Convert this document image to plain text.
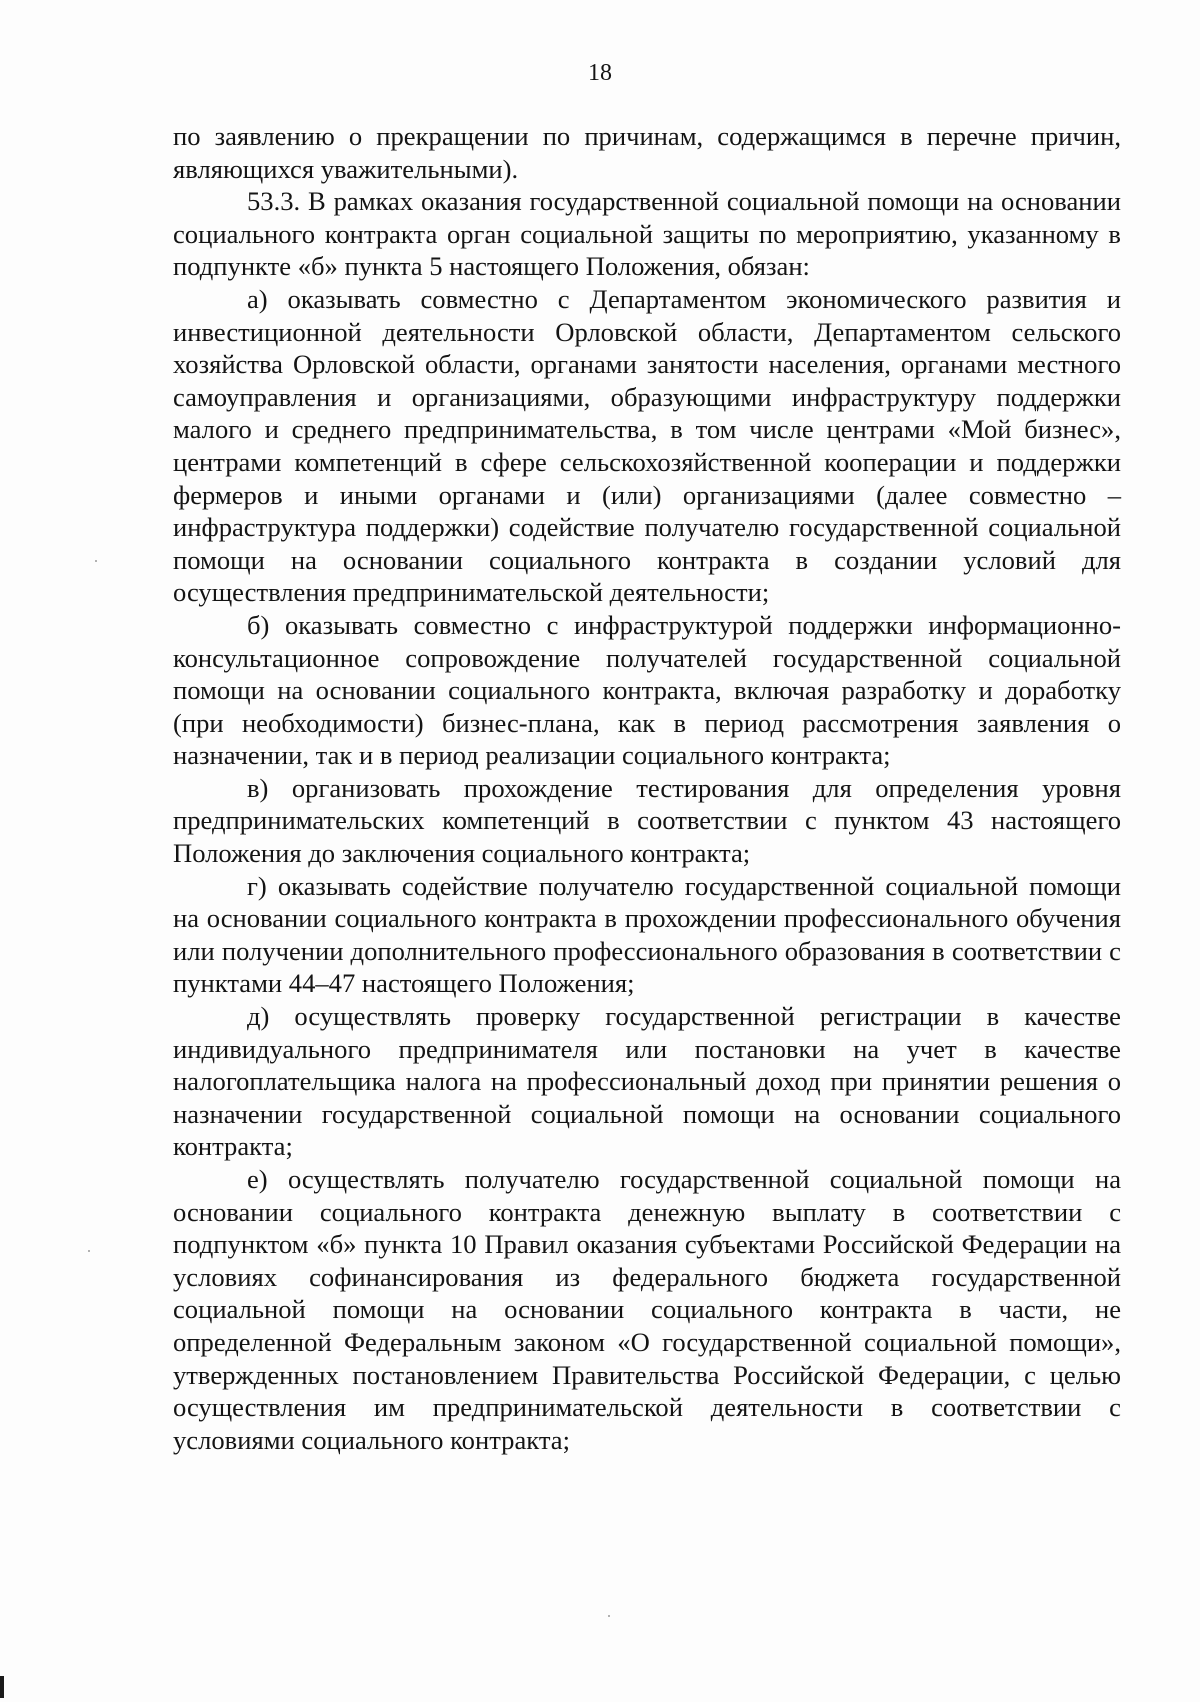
18

по заявлению о прекращении по причинам, содержащимся в перечне причин, являющихся уважительными).

53.3. В рамках оказания государственной социальной помощи на основании социального контракта орган социальной защиты по мероприятию, указанному в подпункте «б» пункта 5 настоящего Положения, обязан:

а) оказывать совместно с Департаментом экономического развития и инвестиционной деятельности Орловской области, Департаментом сельского хозяйства Орловской области, органами занятости населения, органами местного самоуправления и организациями, образующими инфраструктуру поддержки малого и среднего предпринимательства, в том числе центрами «Мой бизнес», центрами компетенций в сфере сельскохозяйственной кооперации и поддержки фермеров и иными органами и (или) организациями (далее совместно – инфраструктура поддержки) содействие получателю государственной социальной помощи на основании социального контракта в создании условий для осуществления предпринимательской деятельности;

б) оказывать совместно с инфраструктурой поддержки информационно-консультационное сопровождение получателей государственной социальной помощи на основании социального контракта, включая разработку и доработку (при необходимости) бизнес-плана, как в период рассмотрения заявления о назначении, так и в период реализации социального контракта;

в) организовать прохождение тестирования для определения уровня предпринимательских компетенций в соответствии с пунктом 43 настоящего Положения до заключения социального контракта;

г) оказывать содействие получателю государственной социальной помощи на основании социального контракта в прохождении профессионального обучения или получении дополнительного профессионального образования в соответствии с пунктами 44–47 настоящего Положения;

д) осуществлять проверку государственной регистрации в качестве индивидуального предпринимателя или постановки на учет в качестве налогоплательщика налога на профессиональный доход при принятии решения о назначении государственной социальной помощи на основании социального контракта;

е) осуществлять получателю государственной социальной помощи на основании социального контракта денежную выплату в соответствии с подпунктом «б» пункта 10 Правил оказания субъектами Российской Федерации на условиях софинансирования из федерального бюджета государственной социальной помощи на основании социального контракта в части, не определенной Федеральным законом «О государственной социальной помощи», утвержденных постановлением Правительства Российской Федерации, с целью осуществления им предпринимательской деятельности в соответствии с условиями социального контракта;
